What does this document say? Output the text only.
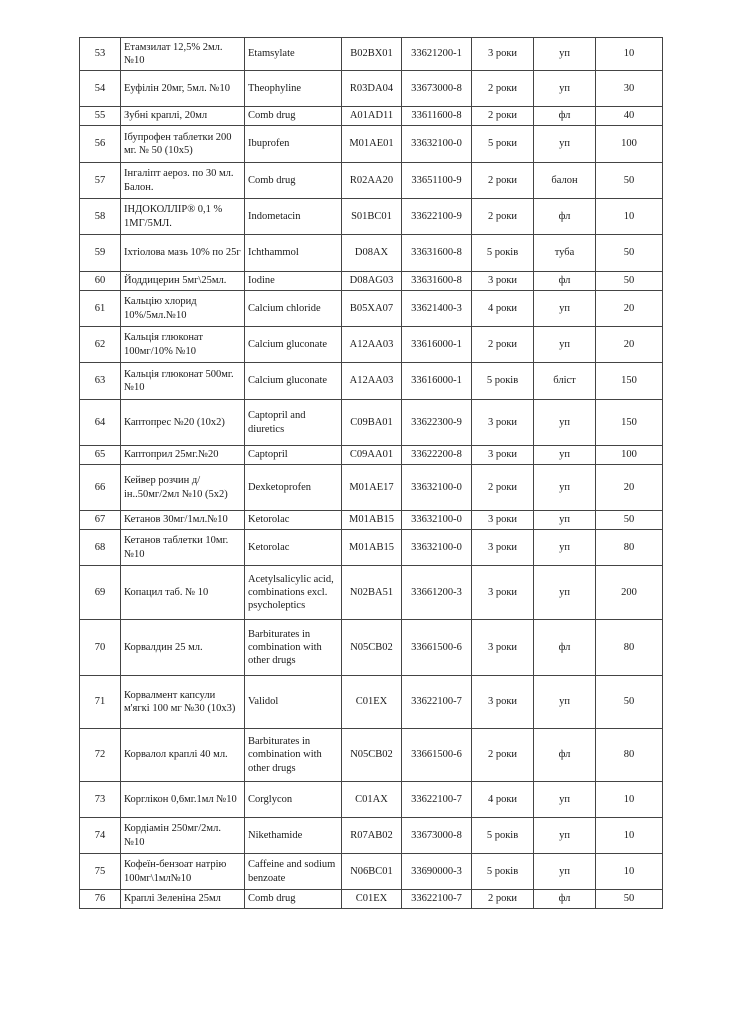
53	Етамзилат 12,5% 2мл. №10	Etamsylate	B02BX01	33621200-1	3 роки	уп	10
54	Еуфілін 20мг, 5мл. №10	Theophyline	R03DA04	33673000-8	2 роки	уп	30
55	Зубні краплі, 20мл	Comb drug	A01AD11	33611600-8	2 роки	фл	40
56	Ібупрофен таблетки 200 мг. № 50 (10х5)	Ibuprofen	M01AE01	33632100-0	5 роки	уп	100
57	Інгаліпт аероз. по 30 мл. Балон.	Comb drug	R02AA20	33651100-9	2 роки	балон	50
58	ІНДОКОЛЛІР® 0,1 % 1МГ/5МЛ.	Indometacin	S01BC01	33622100-9	2 роки	фл	10
59	Іхтіолова мазь 10% по 25г	Ichthammol	D08AX	33631600-8	5 років	туба	50
60	Йоддицерин 5мг\25мл.	Iodine	D08AG03	33631600-8	3 роки	фл	50
61	Кальцію хлорид 10%/5мл.№10	Calcium chloride	B05XA07	33621400-3	4 роки	уп	20
62	Кальція глюконат 100мг/10% №10	Calcium gluconate	A12AA03	33616000-1	2 роки	уп	20
63	Кальція глюконат 500мг. №10	Calcium gluconate	A12AA03	33616000-1	5 років	бліст	150
64	Каптопрес №20 (10х2)	Captopril and diuretics	C09BA01	33622300-9	3 роки	уп	150
65	Каптоприл 25мг.№20	Captopril	C09AA01	33622200-8	3 роки	уп	100
66	Кейвер розчин д/ін..50мг/2мл №10 (5х2)	Dexketoprofen	M01AE17	33632100-0	2 роки	уп	20
67	Кетанов 30мг/1мл.№10	Ketorolac	M01AB15	33632100-0	3 роки	уп	50
68	Кетанов таблетки 10мг. №10	Ketorolac	M01AB15	33632100-0	3 роки	уп	80
69	Копацил таб. № 10	Acetylsalicylic acid, combinations excl. psycholeptics	N02BA51	33661200-3	3 роки	уп	200
70	Корвалдин 25 мл.	Barbiturates in combination with other drugs	N05CB02	33661500-6	3 роки	фл	80
71	Корвалмент капсули м'ягкі 100 мг №30 (10х3)	Validol	C01EX	33622100-7	3 роки	уп	50
72	Корвалол краплі 40 мл.	Barbiturates in combination with other drugs	N05CB02	33661500-6	2 роки	фл	80
73	Корглікон 0,6мг.1мл №10	Corglycon	C01AX	33622100-7	4 роки	уп	10
74	Кордіамін 250мг/2мл. №10	Nikethamide	R07AB02	33673000-8	5 років	уп	10
75	Кофеїн-бензоат натрію 100мг\1мл№10	Caffeine and sodium benzoate	N06BC01	33690000-3	5 років	уп	10
76	Краплі Зеленіна 25мл	Comb drug	C01EX	33622100-7	2 роки	фл	50
